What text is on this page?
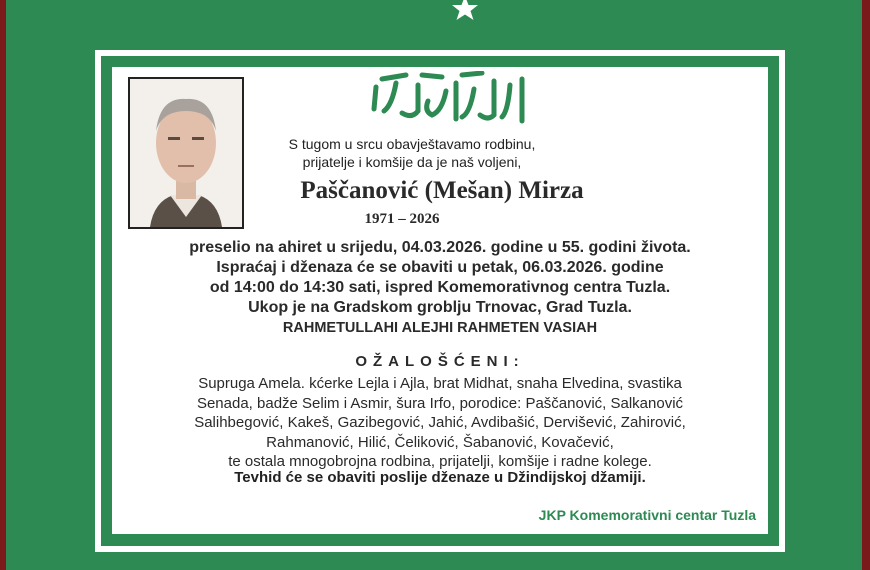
S tugom u srcu obavještavamo rodbinu,
prijatelje i komšije da je naš voljeni,
Paščanović (Mešan) Mirza
1971 – 2026
preselio na ahiret u srijedu, 04.03.2026. godine u 55. godini života.
Ispraćaj i dženaza će se obaviti u petak, 06.03.2026. godine
od 14:00 do 14:30 sati, ispred Komemorativnog centra Tuzla.
Ukop je na Gradskom groblju Trnovac, Grad Tuzla.
RAHMETULLAHI ALEJHI RAHMETEN VASIAH
OŽALOŠĆENI:
Supruga Amela. kćerke Lejla i Ajla, brat Midhat, snaha Elvedina, svastika
Senada, badže Selim i Asmir, šura Irfo, porodice: Paščanović, Salkanović
Salihbegović, Kakeš, Gazibegović, Jahić, Avdibašić, Dervišević, Zahirović,
Rahmanović, Hilić, Čeliković, Šabanović, Kovačević,
te ostala mnogobrojna rodbina, prijatelji, komšije i radne kolege.
Tevhid će se obaviti poslije dženaze u Džindijskoj džamiji.
JKP Komemorativni centar Tuzla
